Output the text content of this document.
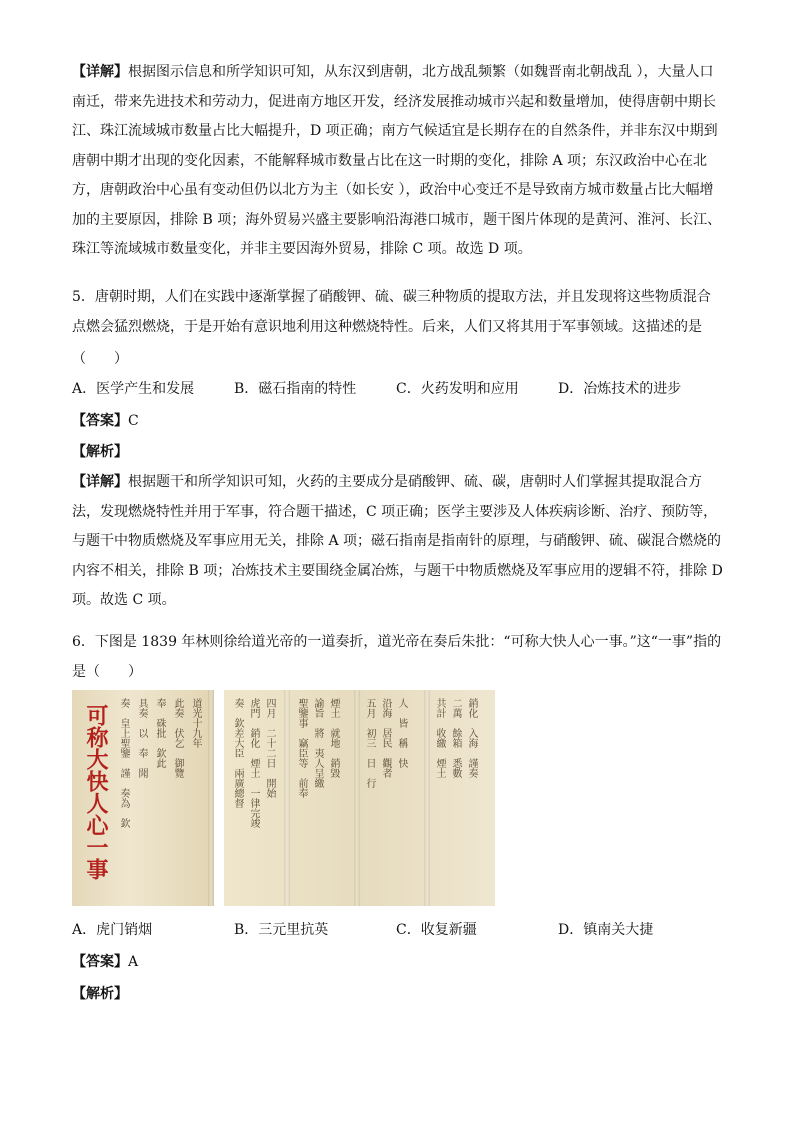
【详解】根据图示信息和所学知识可知，从东汉到唐朝，北方战乱频繁（如魏晋南北朝战乱 ），大量人口南迁，带来先进技术和劳动力，促进南方地区开发，经济发展推动城市兴起和数量增加，使得唐朝中期长江、珠江流域城市数量占比大幅提升，D 项正确；南方气候适宜是长期存在的自然条件，并非东汉中期到唐朝中期才出现的变化因素，不能解释城市数量占比在这一时期的变化，排除 A 项；东汉政治中心在北方，唐朝政治中心虽有变动但仍以北方为主（如长安 ），政治中心变迁不是导致南方城市数量占比大幅增加的主要原因，排除 B 项；海外贸易兴盛主要影响沿海港口城市，题干图片体现的是黄河、淮河、长江、珠江等流域城市数量变化，并非主要因海外贸易，排除 C 项。故选 D 项。
5．唐朝时期，人们在实践中逐渐掌握了硝酸钾、硫、碳三种物质的提取方法，并且发现将这些物质混合点燃会猛烈燃烧，于是开始有意识地利用这种燃烧特性。后来，人们又将其用于军事领域。这描述的是
（　　）
A．医学产生和发展	B．磁石指南的特性	C．火药发明和应用	D．冶炼技术的进步
【答案】C
【解析】
【详解】根据题干和所学知识可知，火药的主要成分是硝酸钾、硫、碳，唐朝时人们掌握其提取混合方法，发现燃烧特性并用于军事，符合题干描述，C 项正确；医学主要涉及人体疾病诊断、治疗、预防等，与题干中物质燃烧及军事应用无关，排除 A 项；磁石指南是指南针的原理，与硝酸钾、硫、碳混合燃烧的内容不相关，排除 B 项；冶炼技术主要围绕金属冶炼，与题干中物质燃烧及军事应用的逻辑不符，排除 D 项。故选 C 项。
6．下图是 1839 年林则徐给道光帝的一道奏折，道光帝在奏后朱批：“可称大快人心一事。”这“一事”指的是（　　）
可称大快人心一事 奏　皇上聖鑒　謹　奏為　欽 具奏　以　奉　聞 奉　硃批　欽此 此奏　伏乞　御覽 道光十九年	奏　欽差大臣　兩廣總督 虎門　銷化　煙土　一律完竣 四月　二十二日　開始 聖鑒事　竊臣等　前奉 諭旨　將　夷人呈繳 煙土　就地　銷毀	五月　初三　日　行 沿海　居民　觀者 人　皆　稱　快	共計　收繳　煙土 二萬　餘箱　悉數 銷化　入海　謹奏
A．虎门销烟	B．三元里抗英	C．收复新疆	D．镇南关大捷
【答案】A
【解析】
